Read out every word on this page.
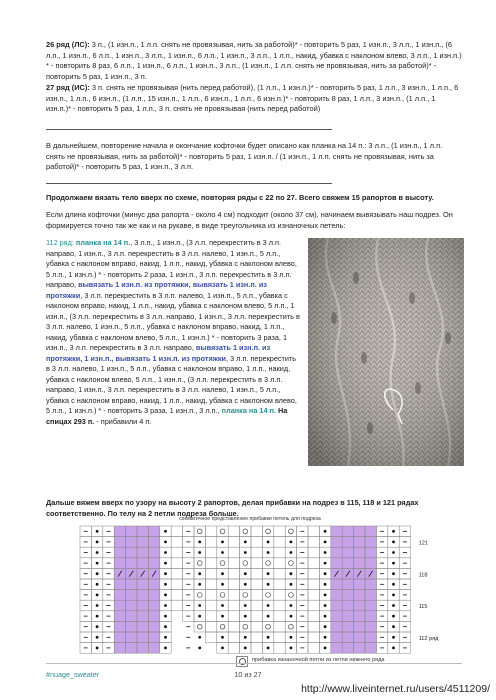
26 ряд (ЛС): 3 п., (1 изн.п., 1 л.п. снять не провязывая, нить за работой)* - повторить 5 раз, 1 изн.п., 3 л.п., 1 изн.п., (6 л.п., 1 изн.п., 6 л.п., 1 изн.п., 3 л.п., 1 изн.п., 6 л.п., 1 изн.п., 3 л.п., 1 л.п., накид, убавка с наклоном влево, 3 л.п., 1 изн.п.) * - повторить 8 раз, 6 л.п., 1 изн.п., 6 л.п., 1 изн.п., 3 л.п., (1 изн.п., 1 л.п. снять не провязывая, нить за работой)* - повторить 5 раз, 1 изн.п., 3 п.

27 ряд (ИС): 3 п. снять не провязывая (нить перед работой), (1 л.п., 1 изн.п.)* - повторить 5 раз, 1 л.п., 3 изн.п., 1 л.п., 6 изн.п., 1 л.п., 6 изн.п., (1 л.п., 15 изн.п., 1 л.п., 6 изн.п., 1 л.п., 6 изн.п.)* - повторить 8 раз, 1 л.п., 3 изн.п., (1 л.п., 1 изн.п.)* - повторить 5 раз, 1 л.п., 3 п. снять не провязывая (нить перед работой)

В дальнейшем, повторение начала и окончание кофточки будет описано как планка на 14 п.: 3 л.п., (1 изн.п., 1 л.п. снять не провязывая, нить за работой)* - повторить 5 раз, 1 изн.п. / (1 изн.п., 1 л.п. снять не провязывая, нить за работой)* - повторить 5 раз, 1 изн.п., 3 л.п.

Продолжаем вязать тело вверх по схеме, повторяя ряды с 22 по 27. Всего свяжем 15 рапортов в высоту.

Если длина кофточки (минус два рапорта - около 4 см) подходит (около 37 см), начинаем вывязывать наш подрез. Он формируется точно так же как и на рукаве, в виде треугольника из изнаночных петель:

112 ряд: планка на 14 п., 3 л.п., 1 изн.п., (3 л.п. перекрестить в 3 л.п. направо, 1 изн.п., 3 л.п. перекрестить в 3 л.п. налево, 1 изн.п., 5 л.п., убавка с наклоном вправо, накид, 1 л.п., накид, убавка с наклоном влево, 5 л.п., 1 изн.п.) * - повторить 2 раза, 1 изн.п., 3 л.п. перекрестить в 3 л.п. направо, вывязать 1 изн.п. из протяжки, вывязать 1 изн.п. из протяжки, 3 л.п. перекрестить в 3 л.п. налево, 1 изн.п., 5 л.п., убавка с наклоном вправо, накид, 1 л.п., накид, убавка с наклоном влево, 5 л.п., 1 изн.п., (3 л.п. перекрестить в 3 л.п. направо, 1 изн.п., 3 л.п. перекрестить в 3 л.п. налево, 1 изн.п., 5 л.п., убавка с наклоном вправо, накид, 1 л.п., накид, убавка с наклоном влево, 5 л.п., 1 изн.п.) * - повторить 3 раза, 1 изн.п., 3 л.п. перекрестить в 3 л.п. направо, вывязать 1 изн.п. из протяжки, 1 изн.п., вывязать 1 изн.п. из протяжки, 3 л.п. перекрестить в 3 л.п. налево, 1 изн.п., 5 л.п., убавка с наклоном вправо, 1 л.п., накид, убавка с наклоном влево, 5 л.п., 1 изн.п., (3 л.п. перекрестить в 3 л.п. направо, 1 изн.п., 3 л.п. перекрестить в 3 л.п. налево, 1 изн.п., 5 л.п., убавка с наклоном вправо, накид, 1 л.п., накид, убавка с наклоном влево, 5 л.п., 1 изн.п.) * - повторить 3 раза, 1 изн.п., 3 л.п., планка на 14 п. На спицах 293 п. - прибавили 4 п.

Дальше вяжем вверх по узору на высоту 2 рапортов, делая прибавки на подрез в 115, 118 и 121 рядах соответственно. По телу на 2 петли подреза больше.

схематичное представление прибавки петель для подреза
121
118
115
112 ряд
прибавка изнаночной петли из петли нижнего ряда
#nuage_sweater	10 из 27
http://www.liveinternet.ru/users/4511209/
